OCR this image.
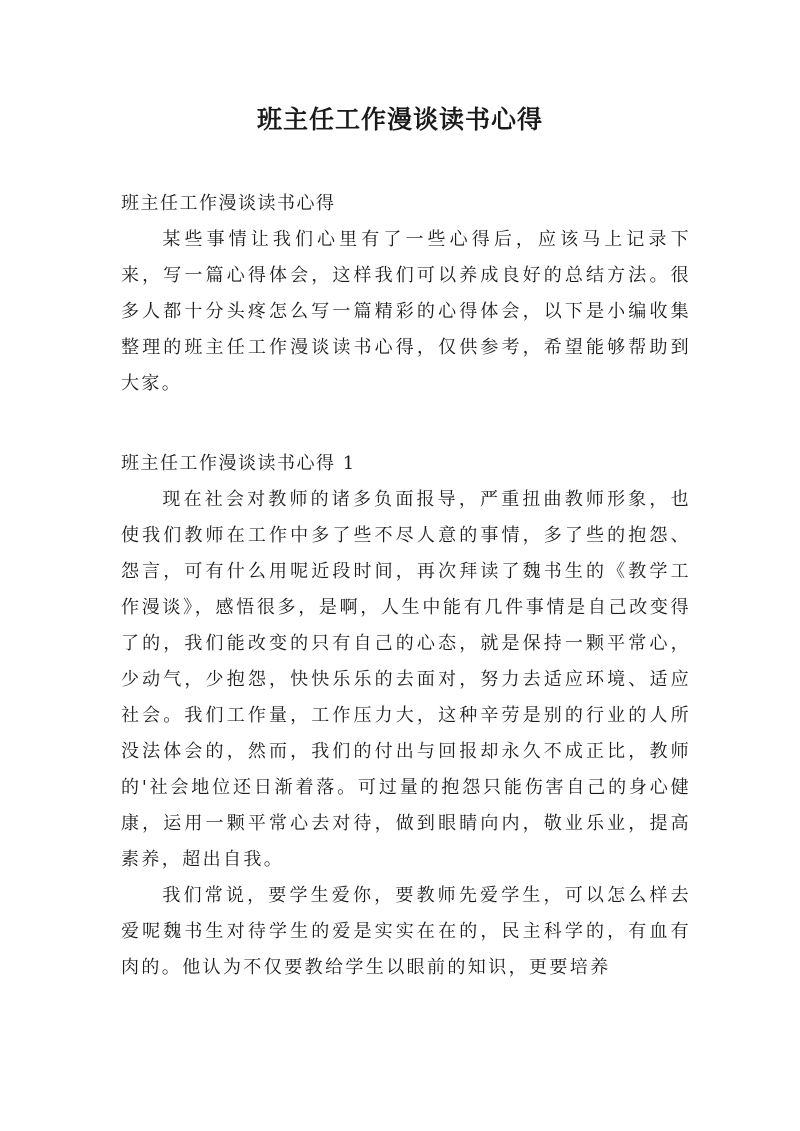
班主任工作漫谈读书心得

班主任工作漫谈读书心得

某些事情让我们心里有了一些心得后，应该马上记录下来，写一篇心得体会，这样我们可以养成良好的总结方法。很多人都十分头疼怎么写一篇精彩的心得体会，以下是小编收集整理的班主任工作漫谈读书心得，仅供参考，希望能够帮助到大家。

班主任工作漫谈读书心得 1

现在社会对教师的诸多负面报导，严重扭曲教师形象，也使我们教师在工作中多了些不尽人意的事情，多了些的抱怨、怨言，可有什么用呢近段时间，再次拜读了魏书生的《教学工作漫谈》，感悟很多，是啊，人生中能有几件事情是自己改变得了的，我们能改变的只有自己的心态，就是保持一颗平常心，少动气，少抱怨，快快乐乐的去面对，努力去适应环境、适应社会。我们工作量，工作压力大，这种辛劳是别的行业的人所没法体会的，然而，我们的付出与回报却永久不成正比，教师的'社会地位还日渐着落。可过量的抱怨只能伤害自己的身心健康，运用一颗平常心去对待，做到眼睛向内，敬业乐业，提高素养，超出自我。

我们常说，要学生爱你，要教师先爱学生，可以怎么样去爱呢魏书生对待学生的爱是实实在在的，民主科学的，有血有肉的。他认为不仅要教给学生以眼前的知识，更要培养
